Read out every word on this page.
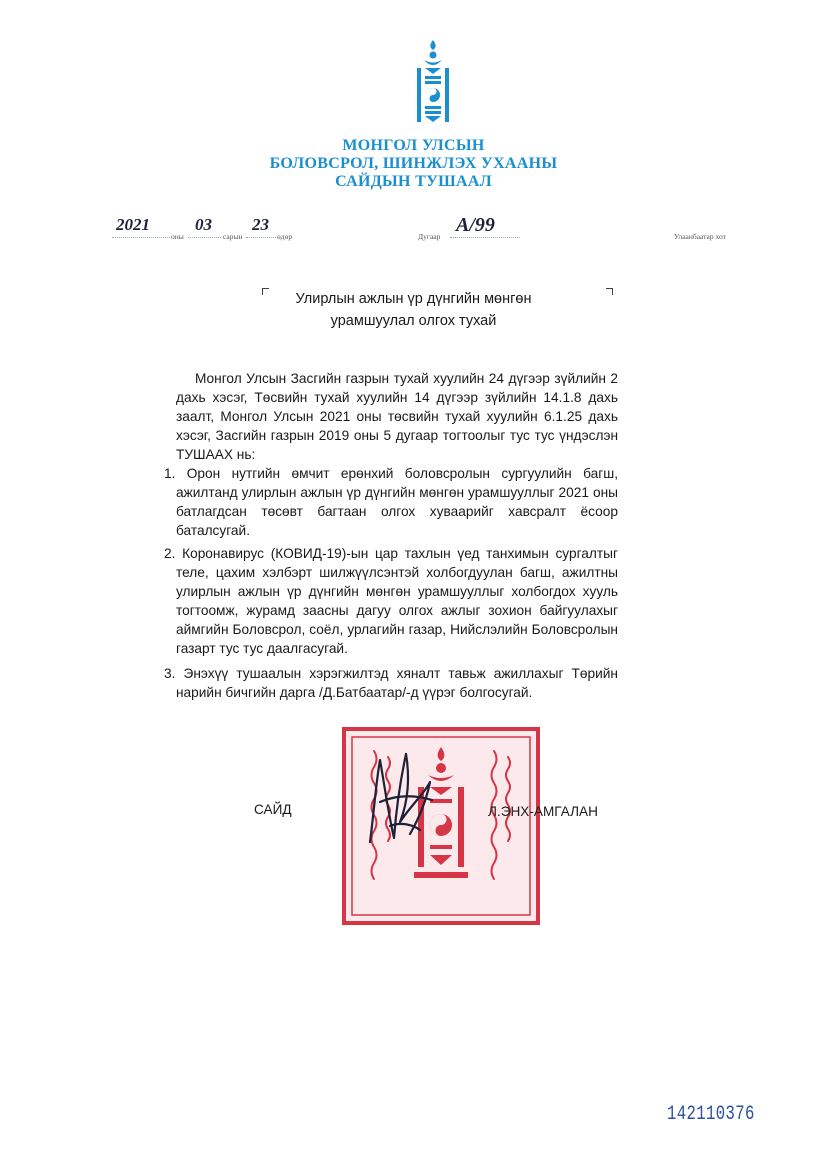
МОНГОЛ УЛСЫН
БОЛОВСРОЛ, ШИНЖЛЭХ УХААНЫ
САЙДЫН ТУШААЛ
2021
оны
03
сарын
23
өдөр	Дугаар
А/99
Улаанбаатар хот
Улирлын ажлын үр дүнгийн мөнгөн
урамшуулал олгох тухай
Монгол Улсын Засгийн газрын тухай хуулийн 24 дүгээр зүйлийн 2 дахь хэсэг, Төсвийн тухай хуулийн 14 дүгээр зүйлийн 14.1.8 дахь заалт, Монгол Улсын 2021 оны төсвийн тухай хуулийн 6.1.25 дахь хэсэг, Засгийн газрын 2019 оны 5 дугаар тогтоолыг тус тус үндэслэн ТУШААХ нь:
1. Орон нутгийн өмчит ерөнхий боловсролын сургуулийн багш, ажилтанд улирлын ажлын үр дүнгийн мөнгөн урамшууллыг 2021 оны батлагдсан төсөвт багтаан олгох хуваарийг хавсралт ёсоор баталсугай.
2. Коронавирус (КОВИД-19)-ын цар тахлын үед танхимын сургалтыг теле, цахим хэлбэрт шилжүүлсэнтэй холбогдуулан багш, ажилтны улирлын ажлын үр дүнгийн мөнгөн урамшууллыг холбогдох хууль тогтоомж, журамд заасны дагуу олгох ажлыг зохион байгуулахыг аймгийн Боловсрол, соёл, урлагийн газар, Нийслэлийн Боловсролын газарт тус тус даалгасугай.
3. Энэхүү тушаалын хэрэгжилтэд хяналт тавьж ажиллахыг Төрийн нарийн бичгийн дарга /Д.Батбаатар/-д үүрэг болгосугай.
САЙД	Л.ЭНХ-АМГАЛАН
142110376
